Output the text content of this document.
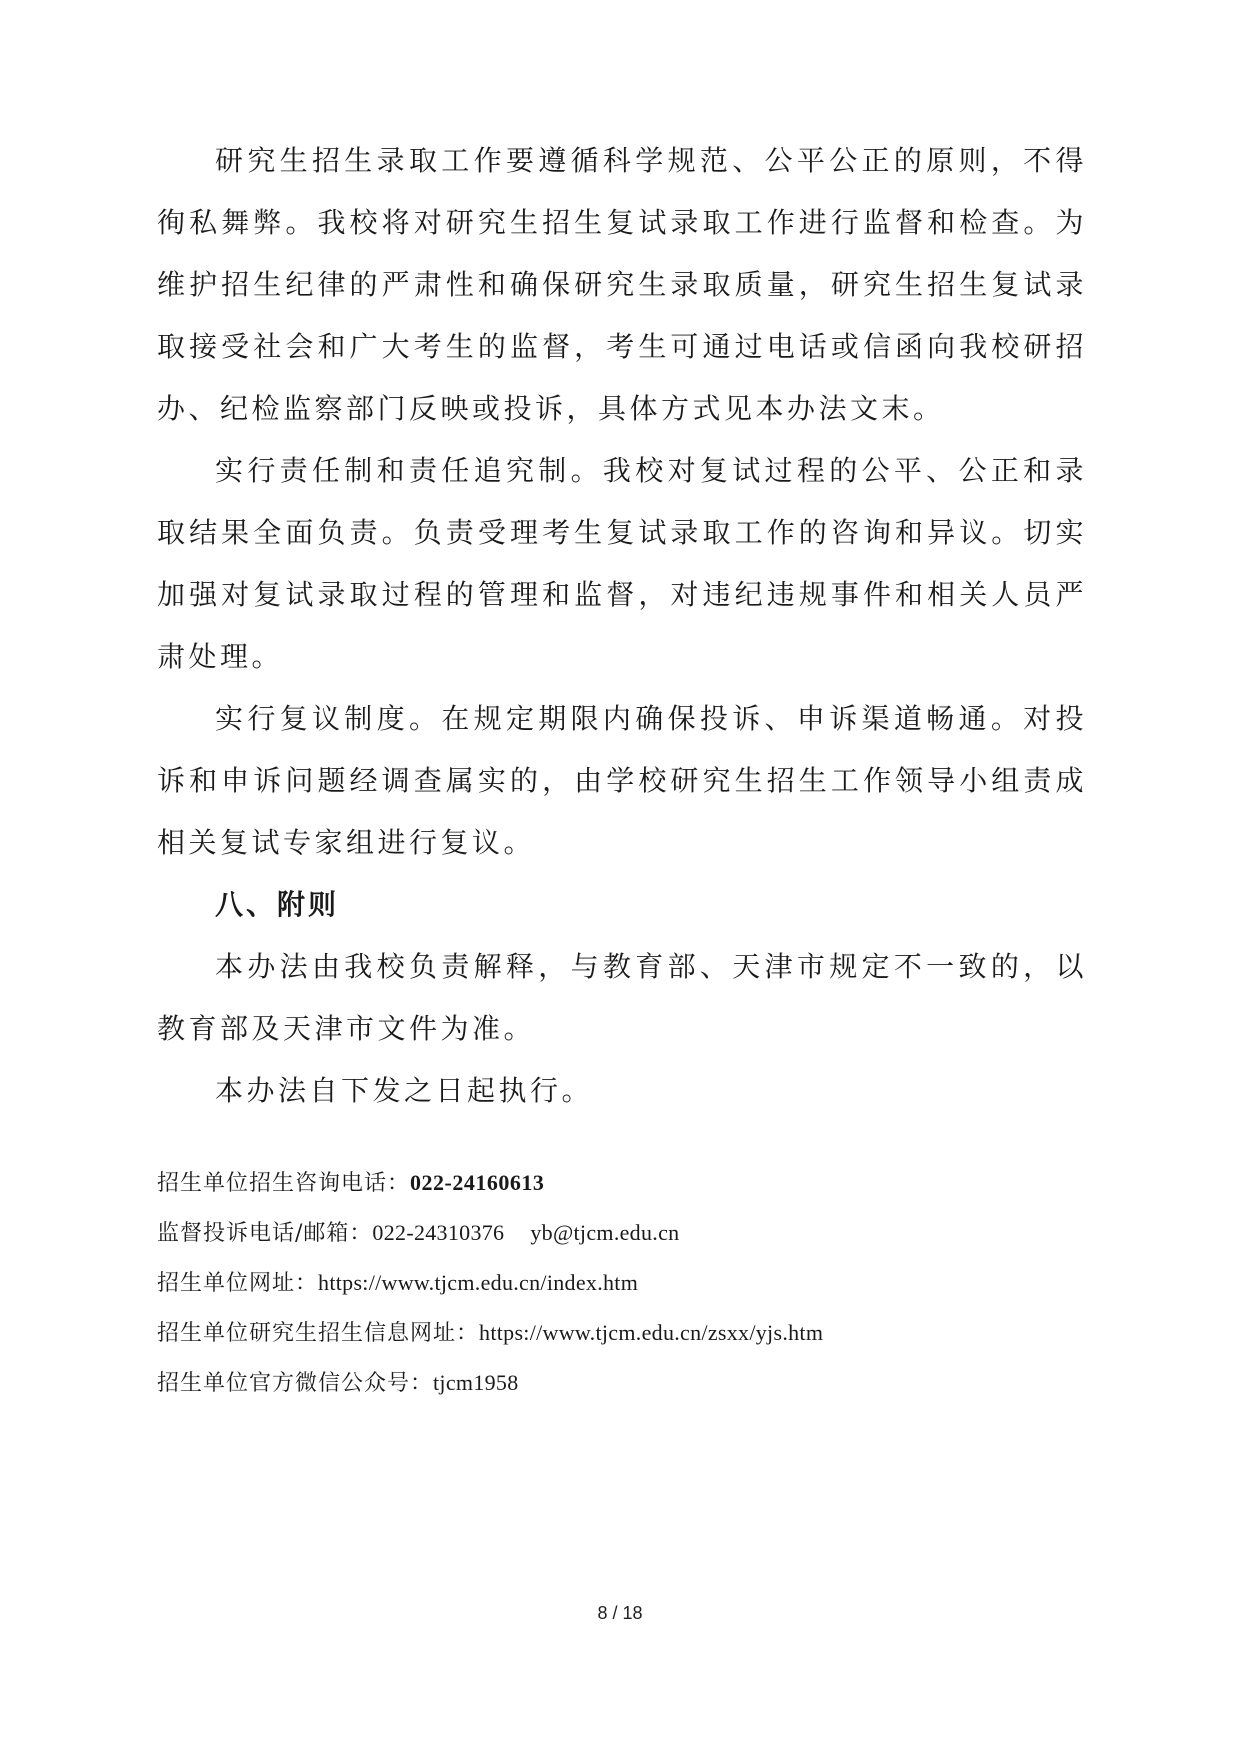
研究生招生录取工作要遵循科学规范、公平公正的原则，不得徇私舞弊。我校将对研究生招生复试录取工作进行监督和检查。为维护招生纪律的严肃性和确保研究生录取质量，研究生招生复试录取接受社会和广大考生的监督，考生可通过电话或信函向我校研招办、纪检监察部门反映或投诉，具体方式见本办法文末。

实行责任制和责任追究制。我校对复试过程的公平、公正和录取结果全面负责。负责受理考生复试录取工作的咨询和异议。切实加强对复试录取过程的管理和监督，对违纪违规事件和相关人员严肃处理。

实行复议制度。在规定期限内确保投诉、申诉渠道畅通。对投诉和申诉问题经调查属实的，由学校研究生招生工作领导小组责成相关复试专家组进行复议。

八、附则

本办法由我校负责解释，与教育部、天津市规定不一致的，以教育部及天津市文件为准。

本办法自下发之日起执行。

招生单位招生咨询电话：022-24160613

监督投诉电话/邮箱：022-24310376 yb@tjcm.edu.cn

招生单位网址：https://www.tjcm.edu.cn/index.htm

招生单位研究生招生信息网址：https://www.tjcm.edu.cn/zsxx/yjs.htm

招生单位官方微信公众号：tjcm1958

8 / 18
